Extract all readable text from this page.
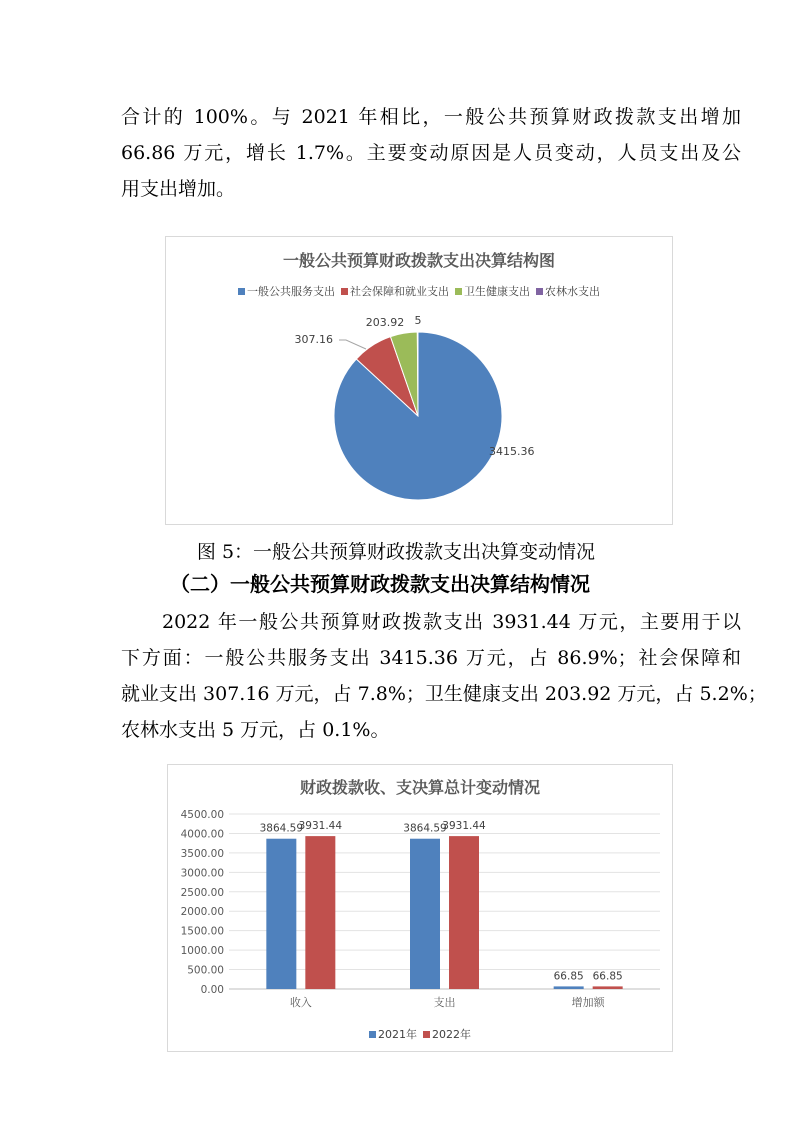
合计的 100%。与 2021 年相比，一般公共预算财政拨款支出增加
66.86 万元，增长 1.7%。主要变动原因是人员变动，人员支出及公
用支出增加。
一般公共预算财政拨款支出决算结构图
一般公共服务支出 社会保障和就业支出 卫生健康支出 农林水支出
3415.36
307.16
203.92 5
图 5：一般公共预算财政拨款支出决算变动情况
（二）一般公共预算财政拨款支出决算结构情况
2022 年一般公共预算财政拨款支出 3931.44 万元，主要用于以
下方面：一般公共服务支出 3415.36 万元，占 86.9%；社会保障和
就业支出 307.16 万元，占 7.8%；卫生健康支出 203.92 万元，占 5.2%；
农林水支出 5 万元，占 0.1%。
财政拨款收、支决算总计变动情况
0.00
500.00
1000.00
1500.00
2000.00
2500.00
3000.00
3500.00
4000.00
4500.00
3864.59
3931.44
收入
3864.59
3931.44
支出
66.85 66.85
增加额
2021年 2022年
